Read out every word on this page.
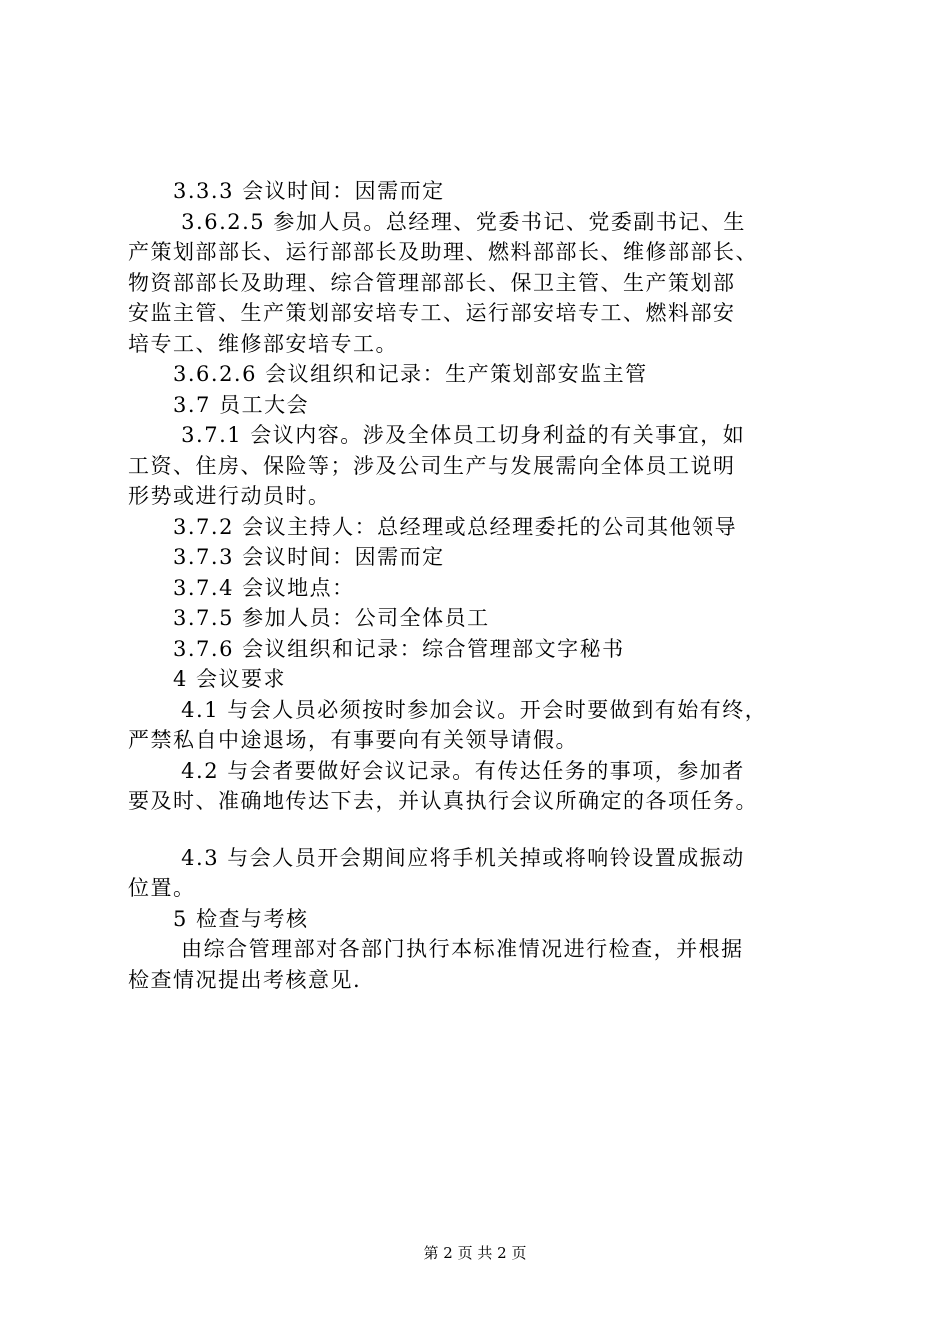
　　3.3.3 会议时间：因需而定

　　 3.6.2.5 参加人员。总经理、党委书记、党委副书记、生

产策划部部长、运行部部长及助理、燃料部部长、维修部部长、

物资部部长及助理、综合管理部部长、保卫主管、生产策划部

安监主管、生产策划部安培专工、运行部安培专工、燃料部安

培专工、维修部安培专工。

　　3.6.2.6 会议组织和记录：生产策划部安监主管

　　3.7 员工大会

　　 3.7.1 会议内容。涉及全体员工切身利益的有关事宜，如

工资、住房、保险等；涉及公司生产与发展需向全体员工说明

形势或进行动员时。

　　3.7.2 会议主持人：总经理或总经理委托的公司其他领导

　　3.7.3 会议时间：因需而定

　　3.7.4 会议地点：

　　3.7.5 参加人员：公司全体员工

　　3.7.6 会议组织和记录：综合管理部文字秘书

　　4 会议要求

　　 4.1 与会人员必须按时参加会议。开会时要做到有始有终，

严禁私自中途退场，有事要向有关领导请假。

　　 4.2 与会者要做好会议记录。有传达任务的事项，参加者

要及时、准确地传达下去，并认真执行会议所确定的各项任务。

　　 4.3 与会人员开会期间应将手机关掉或将响铃设置成振动

位置。

　　5 检查与考核

　　 由综合管理部对各部门执行本标准情况进行检查，并根据

检查情况提出考核意见.

第 2 页 共 2 页
